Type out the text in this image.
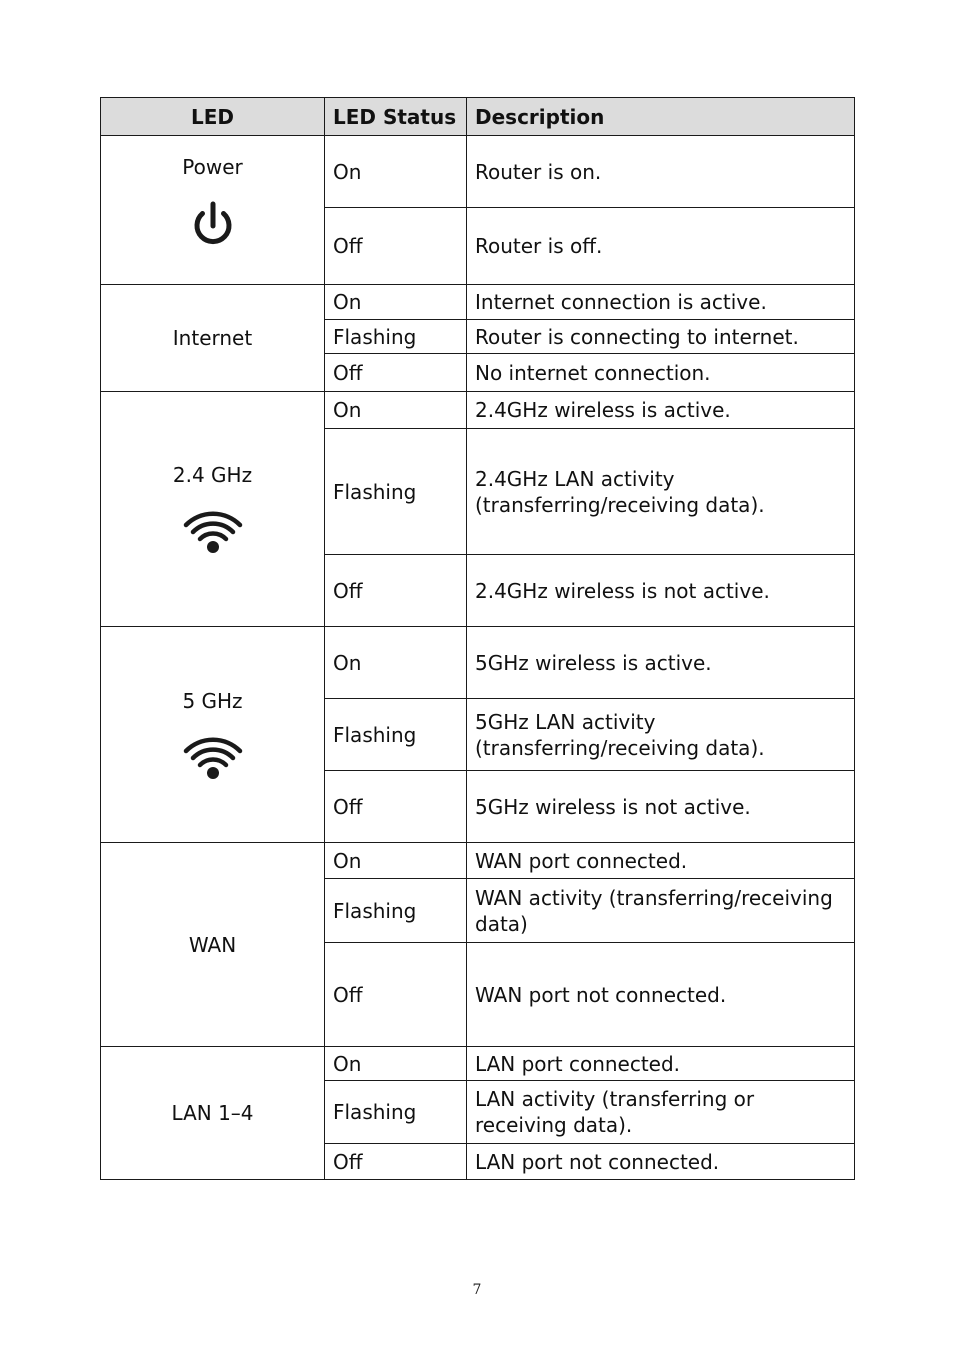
LED	LED Status	Description

Power	On	Router is on.
	Off	Router is off.
Internet	On	Internet connection is active.
	Flashing	Router is connecting to internet.
	Off	No internet connection.

2.4 GHz	On	2.4GHz wireless is active.
	Flashing	2.4GHz LAN activity (transferring/receiving data).
	Off	2.4GHz wireless is not active.

5 GHz	On	5GHz wireless is active.
	Flashing	5GHz LAN activity (transferring/receiving data).
	Off	5GHz wireless is not active.
WAN	On	WAN port connected.
	Flashing	WAN activity (transferring/receiving data)
	Off	WAN port not connected.
LAN 1–4	On	LAN port connected.
	Flashing	LAN activity (transferring or receiving data).
	Off	LAN port not connected.
7
